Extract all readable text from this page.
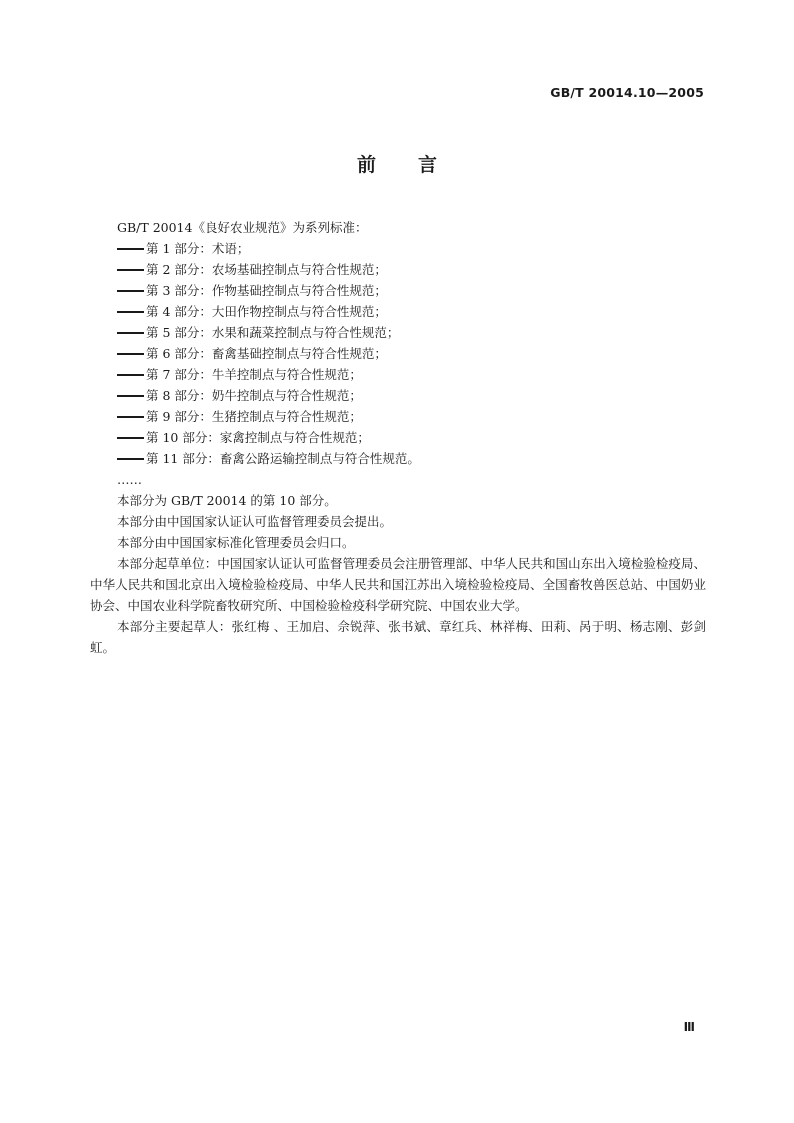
GB/T 20014.10—2005
前言

GB/T 20014《良好农业规范》为系列标准：

第 1 部分：术语；

第 2 部分：农场基础控制点与符合性规范；

第 3 部分：作物基础控制点与符合性规范；

第 4 部分：大田作物控制点与符合性规范；

第 5 部分：水果和蔬菜控制点与符合性规范；

第 6 部分：畜禽基础控制点与符合性规范；

第 7 部分：牛羊控制点与符合性规范；

第 8 部分：奶牛控制点与符合性规范；

第 9 部分：生猪控制点与符合性规范；

第 10 部分：家禽控制点与符合性规范；

第 11 部分：畜禽公路运输控制点与符合性规范。

……

本部分为 GB/T 20014 的第 10 部分。

本部分由中国国家认证认可监督管理委员会提出。

本部分由中国国家标准化管理委员会归口。

本部分起草单位：中国国家认证认可监督管理委员会注册管理部、中华人民共和国山东出入境检验检疫局、中华人民共和国北京出入境检验检疫局、中华人民共和国江苏出入境检验检疫局、全国畜牧兽医总站、中国奶业协会、中国农业科学院畜牧研究所、中国检验检疫科学研究院、中国农业大学。

本部分主要起草人：张红梅 、王加启、佘锐萍、张书斌、章红兵、林祥梅、田莉、呙于明、杨志刚、彭剑虹。

Ⅲ
